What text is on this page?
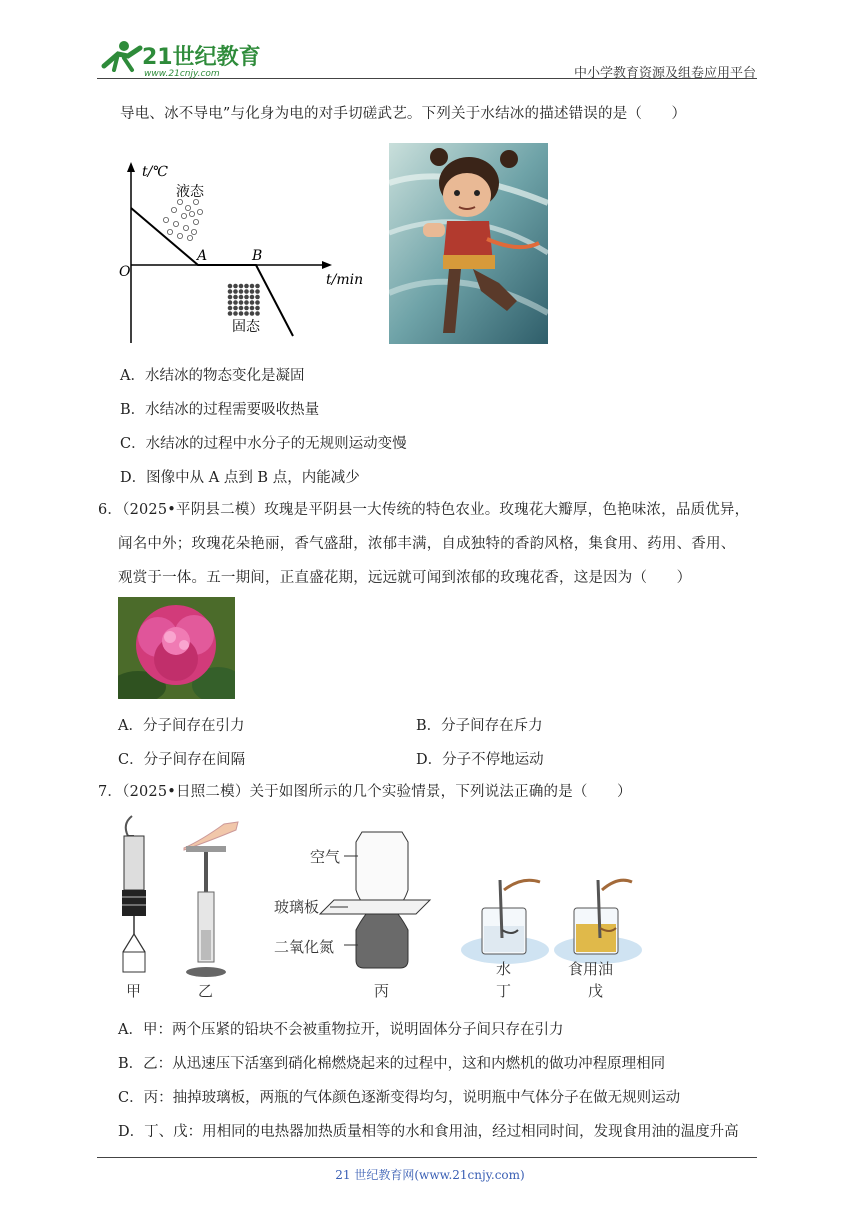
21世纪教育
www.21cnjy.com	中小学教育资源及组卷应用平台
导电、冰不导电”与化身为电的对手切磋武艺。下列关于水结冰的描述错误的是（　　）
t/℃
t/min
O
A	B
液态
固态
A．水结冰的物态变化是凝固
B．水结冰的过程需要吸收热量
C．水结冰的过程中水分子的无规则运动变慢
D．图像中从 A 点到 B 点，内能减少
6．（2025•平阴县二模）玫瑰是平阴县一大传统的特色农业。玫瑰花大瓣厚，色艳味浓，品质优异，
闻名中外；玫瑰花朵艳丽，香气盛甜，浓郁丰满，自成独特的香韵风格，集食用、药用、香用、
观赏于一体。五一期间，正直盛花期，远远就可闻到浓郁的玫瑰花香，这是因为（　　）
A．分子间存在引力	B．分子间存在斥力
C．分子间存在间隔	D．分子不停地运动
7．（2025•日照二模）关于如图所示的几个实验情景，下列说法正确的是（　　）
甲	乙	丙
空气
玻璃板
二氧化氮
水
丁
食用油
戊
A．甲：两个压紧的铅块不会被重物拉开，说明固体分子间只存在引力
B．乙：从迅速压下活塞到硝化棉燃烧起来的过程中，这和内燃机的做功冲程原理相同
C．丙：抽掉玻璃板，两瓶的气体颜色逐渐变得均匀，说明瓶中气体分子在做无规则运动
D．丁、戊：用相同的电热器加热质量相等的水和食用油，经过相同时间，发现食用油的温度升高
21 世纪教育网(www.21cnjy.com)
